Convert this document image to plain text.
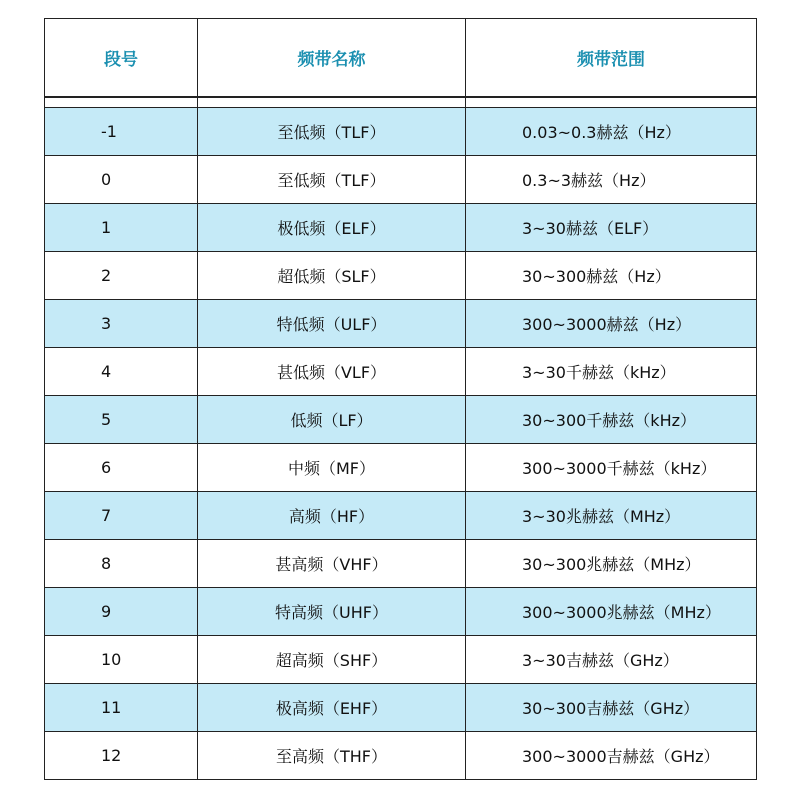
段号	频带名称	频带范围
-1	至低频（TLF）	0.03~0.3赫兹（Hz）
0	至低频（TLF）	0.3~3赫兹（Hz）
1	极低频（ELF）	3~30赫兹（ELF）
2	超低频（SLF）	30~300赫兹（Hz）
3	特低频（ULF）	300~3000赫兹（Hz）
4	甚低频（VLF）	3~30千赫兹（kHz）
5	低频（LF）	30~300千赫兹（kHz）
6	中频（MF）	300~3000千赫兹（kHz）
7	高频（HF）	3~30兆赫兹（MHz）
8	甚高频（VHF）	30~300兆赫兹（MHz）
9	特高频（UHF）	300~3000兆赫兹（MHz）
10	超高频（SHF）	3~30吉赫兹（GHz）
11	极高频（EHF）	30~300吉赫兹（GHz）
12	至高频（THF）	300~3000吉赫兹（GHz）
